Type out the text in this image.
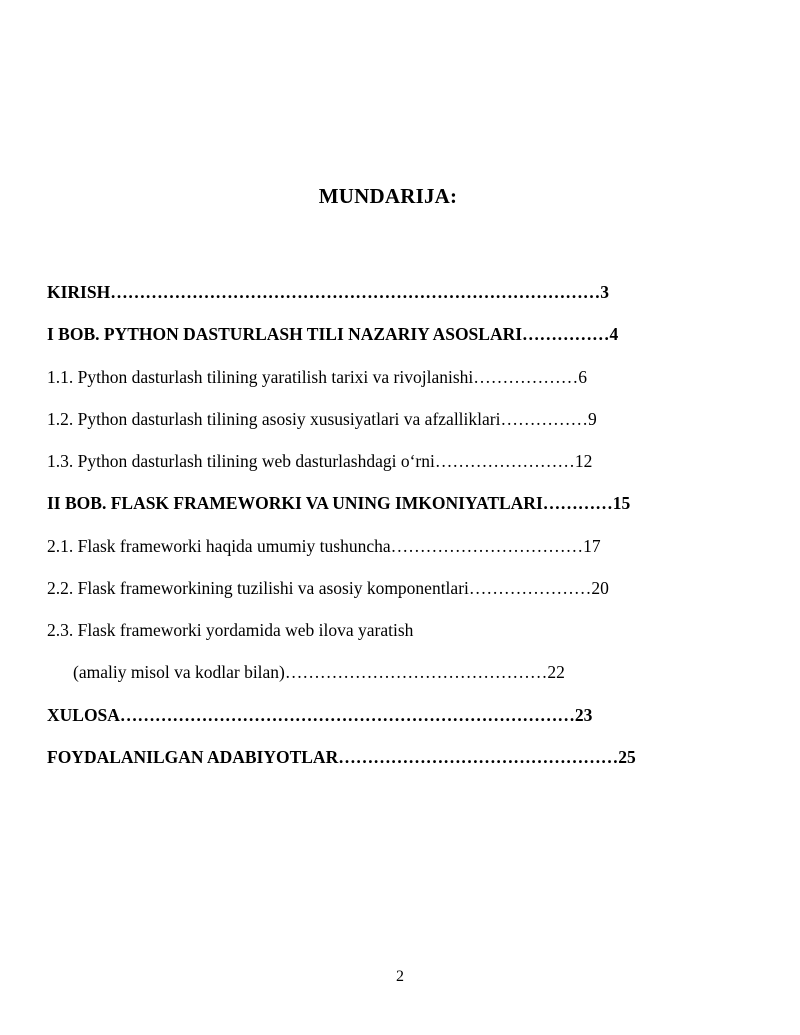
MUNDARIJA:
KIRISH…………………………………………………………………………3
I BOB. PYTHON DASTURLASH TILI NAZARIY ASOSLARI……………4
1.1. Python dasturlash tilining yaratilish tarixi va rivojlanishi………………6
1.2. Python dasturlash tilining asosiy xususiyatlari va afzalliklari……………9
1.3. Python dasturlash tilining web dasturlashdagi o‘rni……………………12
II BOB. FLASK FRAMEWORKI VA UNING IMKONIYATLARI…………15
2.1. Flask frameworki haqida umumiy tushuncha……………………………17
2.2. Flask frameworkining tuzilishi va asosiy komponentlari…………………20
2.3. Flask frameworki yordamida web ilova yaratish
(amaliy misol va kodlar bilan)………………………………………22
XULOSA……………………………………………………………………23
FOYDALANILGAN ADABIYOTLAR…………………………………………25
2
